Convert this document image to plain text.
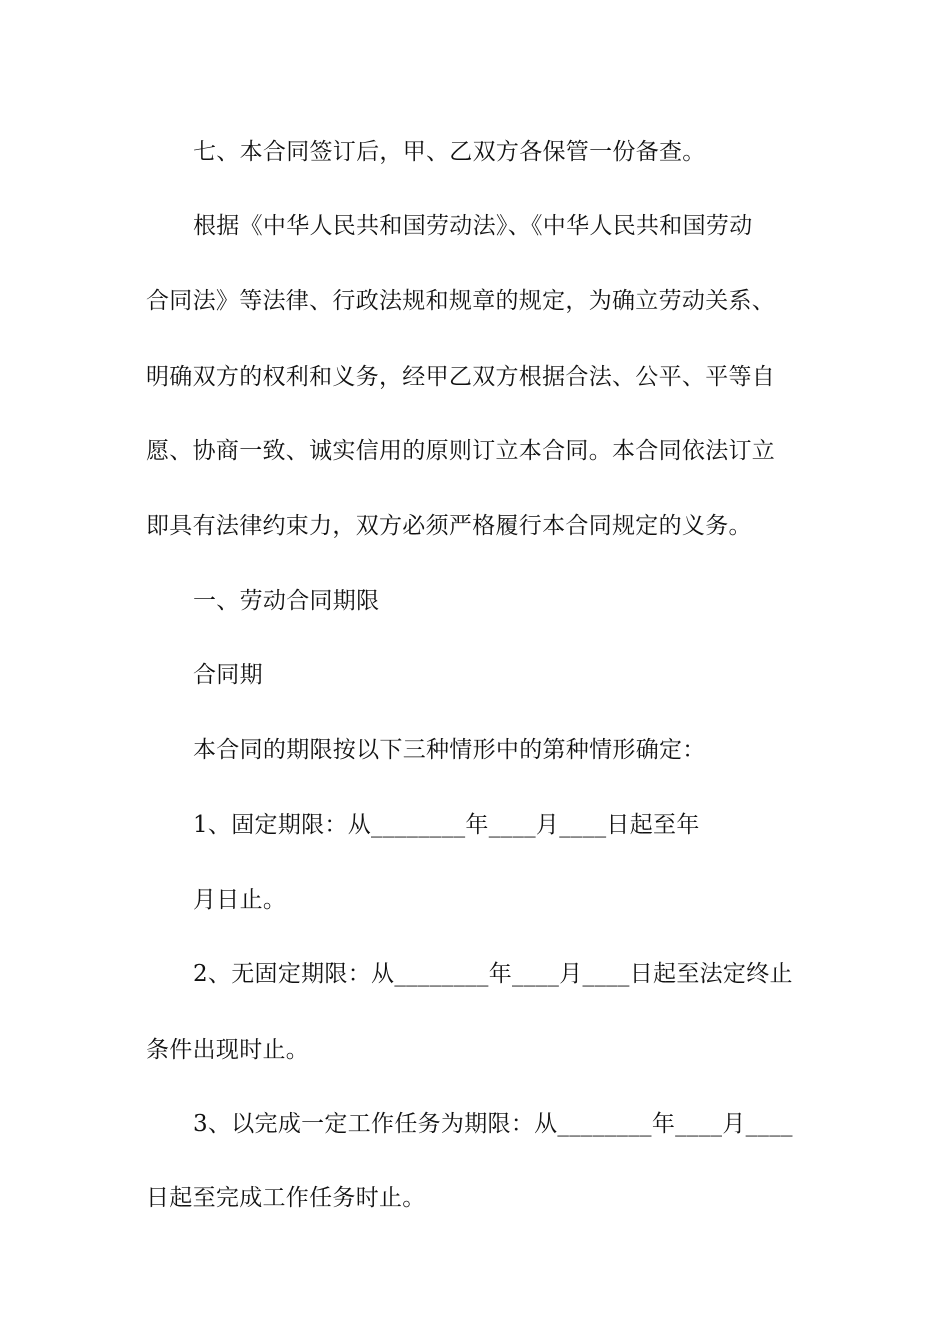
七、本合同签订后，甲、乙双方各保管一份备查。
根据《中华人民共和国劳动法》、《中华人民共和国劳动
合同法》等法律、行政法规和规章的规定，为确立劳动关系、
明确双方的权利和义务，经甲乙双方根据合法、公平、平等自
愿、协商一致、诚实信用的原则订立本合同。本合同依法订立
即具有法律约束力，双方必须严格履行本合同规定的义务。
一、劳动合同期限
合同期
本合同的期限按以下三种情形中的第种情形确定：
1、固定期限：从________年____月____日起至年
月日止。
2、无固定期限：从________年____月____日起至法定终止
条件出现时止。
3、以完成一定工作任务为期限：从________年____月____
日起至完成工作任务时止。
